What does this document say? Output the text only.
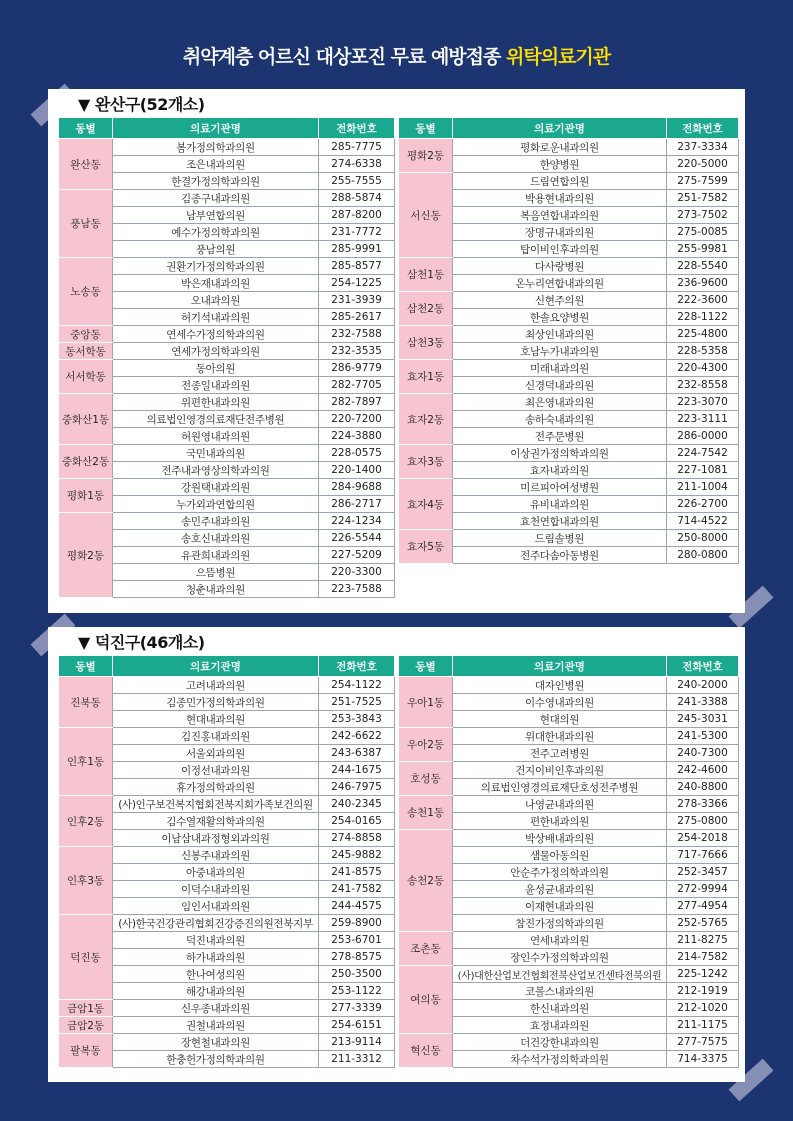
취약계층 어르신 대상포진 무료 예방접종 위탁의료기관
▼ 완산구(52개소)
동별	의료기관명	전화번호
완산동	봄가정의학과의원	285-7775
	조은내과의원	274-6338
	한결가정의학과의원	255-7555
풍남동	김종구내과의원	288-5874
	남부연합의원	287-8200
	예수가정의학과의원	231-7772
	풍남의원	285-9991
노송동	권환기가정의학과의원	285-8577
	박은재내과의원	254-1225
	오내과의원	231-3939
	허기석내과의원	285-2617
중앙동	연세수가정의학과의원	232-7588
동서학동	연세가정의학과의원	232-3535
서서학동	동아의원	286-9779
	전종일내과의원	282-7705
중화산1동	위편한내과의원	282-7897
	의료법인영경의료재단전주병원	220-7200
	허원영내과의원	224-3880
중화산2동	국민내과의원	228-0575
	전주내과영상의학과의원	220-1400
평화1동	강원택내과의원	284-9688
	누가외과연합의원	286-2717
평화2동	송민주내과의원	224-1234
	송호신내과의원	226-5544
	유관희내과의원	227-5209
	으뜸병원	220-3300
	청춘내과의원	223-7588
동별	의료기관명	전화번호
평화2동	평화로운내과의원	237-3334
	한양병원	220-5000
서신동	드림연합의원	275-7599
	박용현내과의원	251-7582
	복음연합내과의원	273-7502
	장명규내과의원	275-0085
	탑이비인후과의원	255-9981
삼천1동	다사랑병원	228-5540
	온누리연합내과의원	236-9600
삼천2동	신현주의원	222-3600
	한솔요양병원	228-1122
삼천3동	최상인내과의원	225-4800
	호남누가내과의원	228-5358
효자1동	미래내과의원	220-4300
	신경덕내과의원	232-8558
효자2동	최은영내과의원	223-3070
	송하숙내과의원	223-3111
	전주문병원	286-0000
효자3동	이상권가정의학과의원	224-7542
	효자내과의원	227-1081
효자4동	미르피아여성병원	211-1004
	유비내과의원	226-2700
	효천연합내과의원	714-4522
효자5동	드림솔병원	250-8000
	전주다솜아동병원	280-0800
▼ 덕진구(46개소)
동별	의료기관명	전화번호
진북동	고려내과의원	254-1122
	김종민가정의학과의원	251-7525
	현대내과의원	253-3843
인후1동	김진홍내과의원	242-6622
	서울외과의원	243-6387
	이정선내과의원	244-1675
	휴가정의학과의원	246-7975
인후2동	(사)인구보건복지협회전북지회가족보건의원	240-2345
	김수열재활의학과의원	254-0165
	이남삼내과정형외과의원	274-8858
인후3동	신봉주내과의원	245-9882
	아중내과의원	241-8575
	이덕수내과의원	241-7582
	임인서내과의원	244-4575
덕진동	(사)한국건강관리협회건강증진의원전북지부	259-8900
	덕진내과의원	253-6701
	하가내과의원	278-8575
	한나여성의원	250-3500
	해강내과의원	253-1122
금암1동	신우종내과의원	277-3339
금암2동	권철내과의원	254-6151
팔복동	장현철내과의원	213-9114
	한충헌가정의학과의원	211-3312
동별	의료기관명	전화번호
우아1동	대자인병원	240-2000
	이수영내과의원	241-3388
	현대의원	245-3031
우아2동	위대한내과의원	241-5300
	전주고려병원	240-7300
호성동	건지이비인후과의원	242-4600
	의료법인영경의료재단호성전주병원	240-8800
송천1동	나영균내과의원	278-3366
	편한내과의원	275-0800
송천2동	박상배내과의원	254-2018
	샘물아동의원	717-7666
	안순주가정의학과의원	252-3457
	윤성균내과의원	272-9994
	이재현내과의원	277-4954
	참진가정의학과의원	252-5765
조촌동	연세내과의원	211-8275
	장인수가정의학과의원	214-7582
여의동	(사)대한산업보건협회전북산업보건센타전북의원	225-1242
	코볼스내과의원	212-1919
	한신내과의원	212-1020
	효정내과의원	211-1175
혁신동	더건강한내과의원	277-7575
	차수석가정의학과의원	714-3375
